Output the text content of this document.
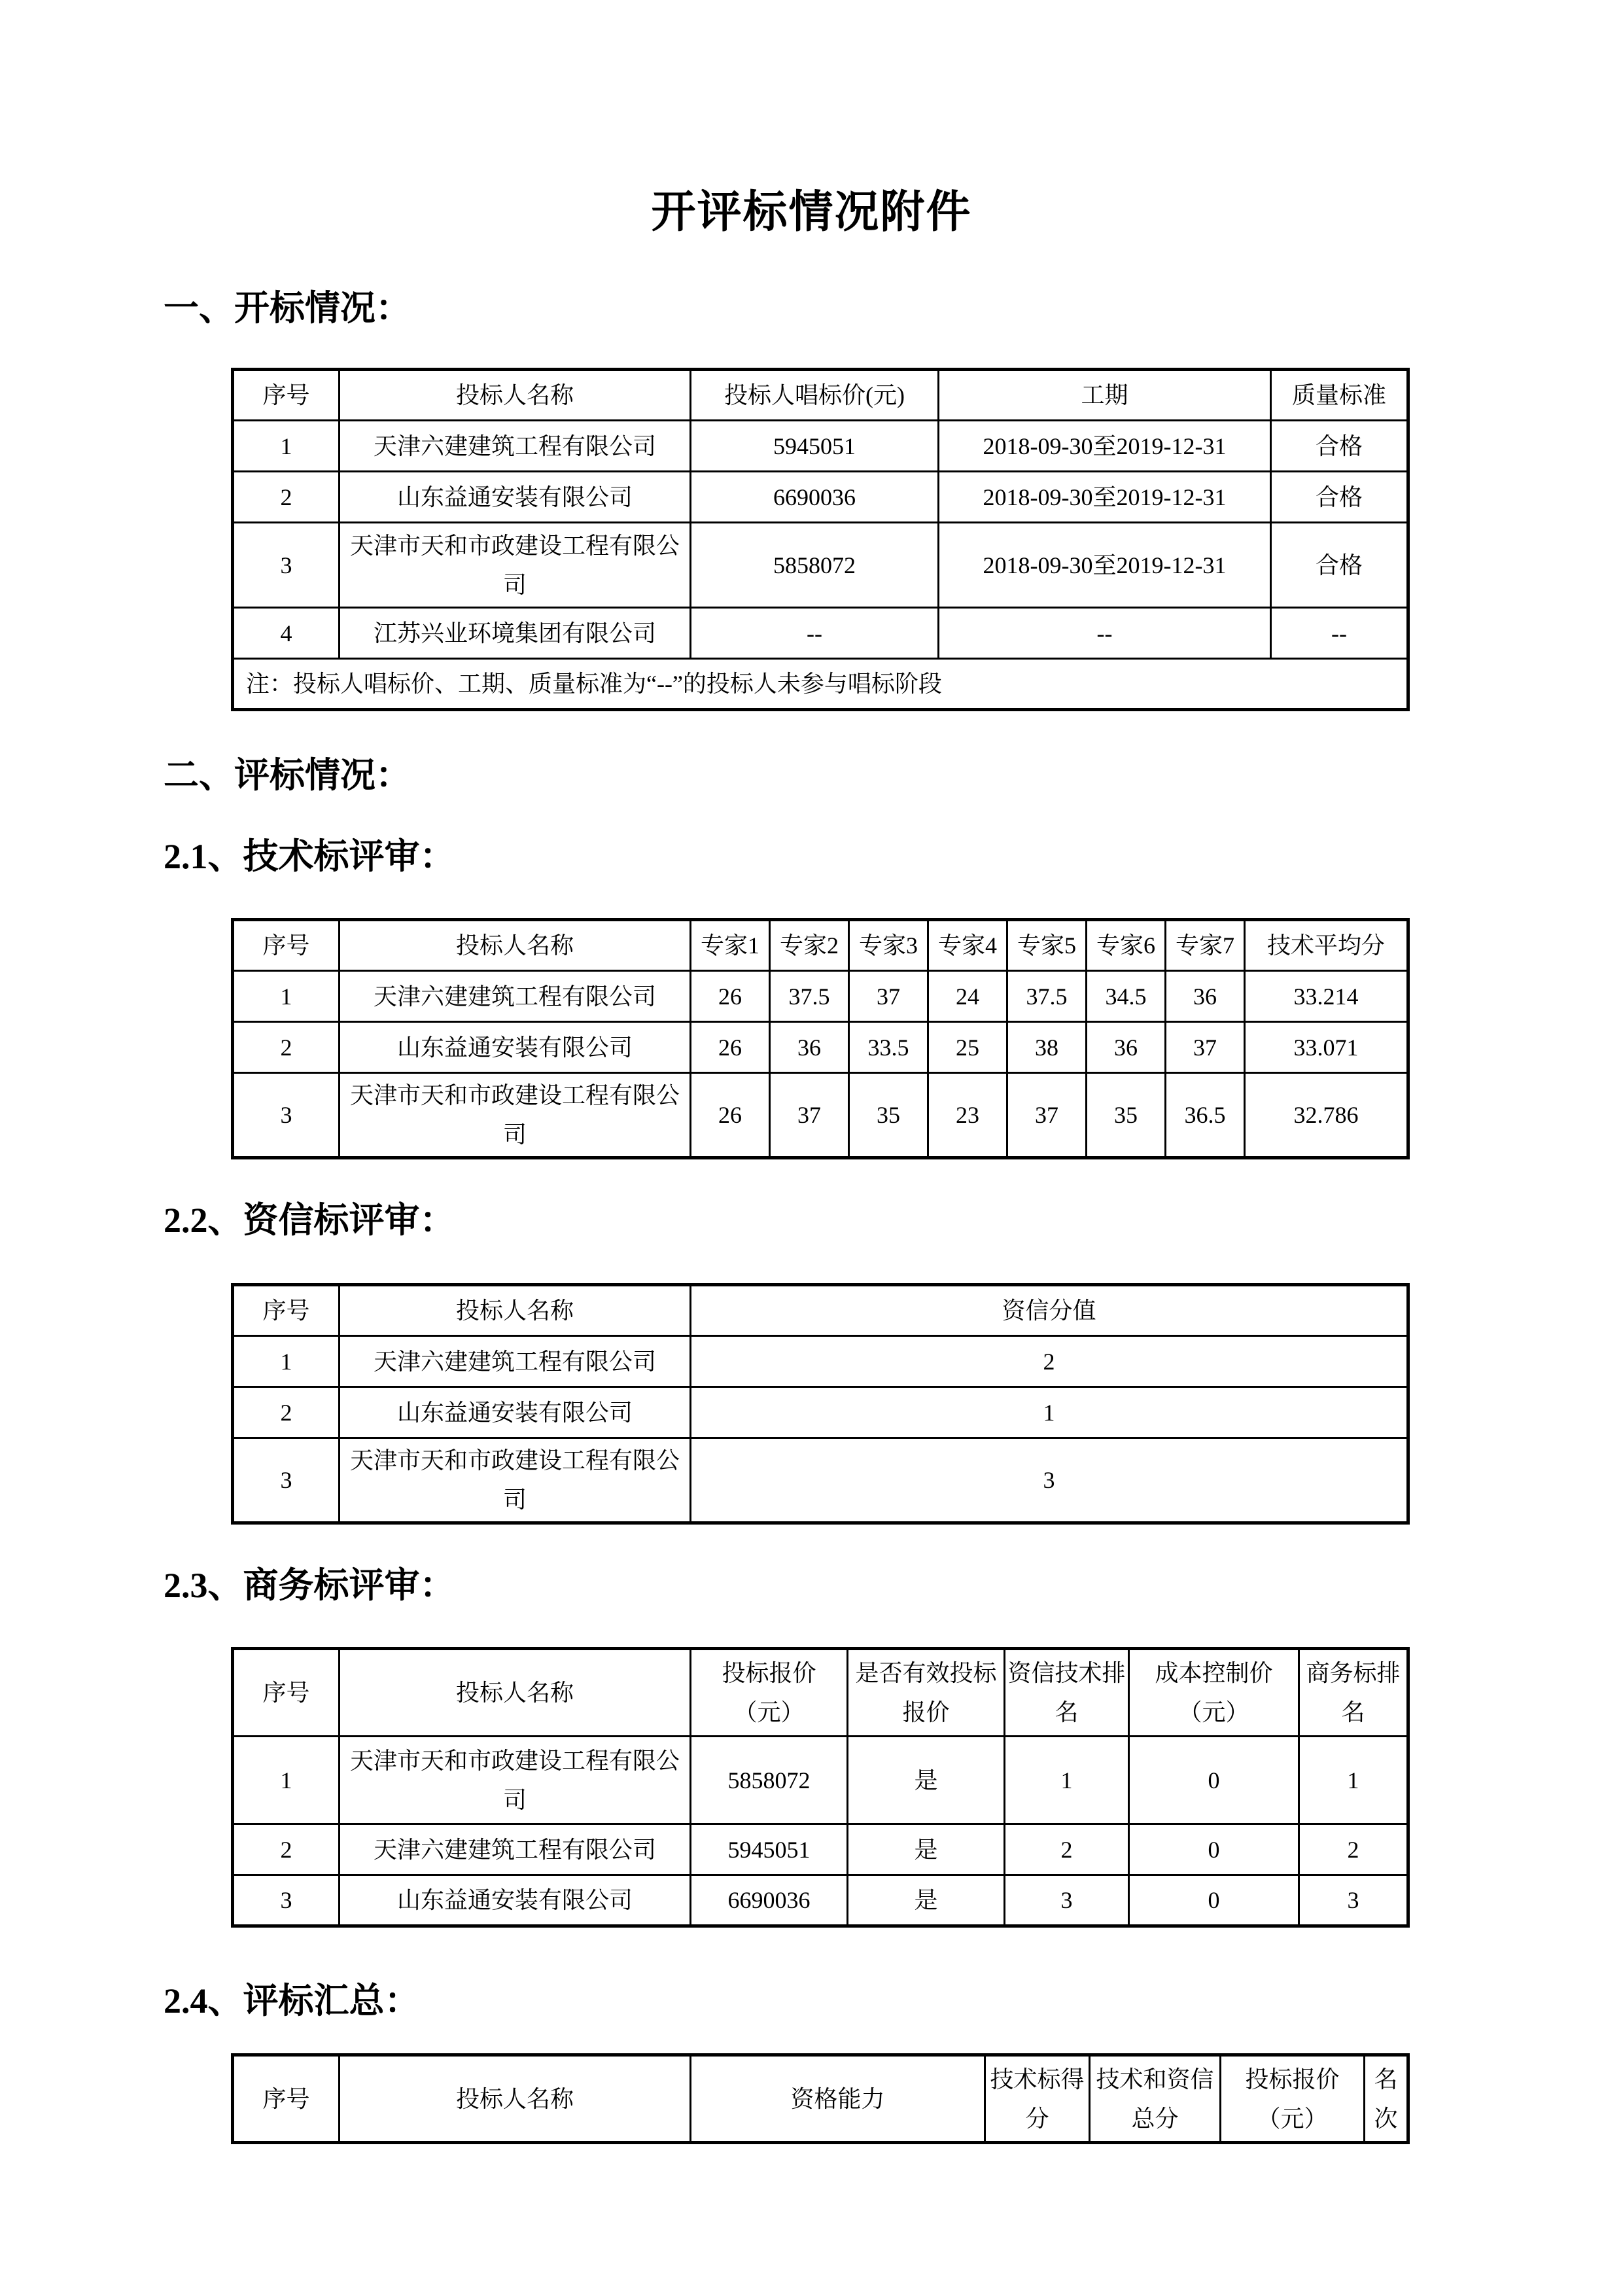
开评标情况附件
一、开标情况：
序号	投标人名称	投标人唱标价(元)	工期	质量标准
1	天津六建建筑工程有限公司	5945051	2018-09-30至2019-12-31	合格
2	山东益通安装有限公司	6690036	2018-09-30至2019-12-31	合格
3	天津市天和市政建设工程有限公司	5858072	2018-09-30至2019-12-31	合格
4	江苏兴业环境集团有限公司	--	--	--
注：投标人唱标价、工期、质量标准为“--”的投标人未参与唱标阶段				
二、评标情况：
2.1、技术标评审：
序号	投标人名称	专家1	专家2	专家3	专家4	专家5	专家6	专家7	技术平均分
1	天津六建建筑工程有限公司	26	37.5	37	24	37.5	34.5	36	33.214
2	山东益通安装有限公司	26	36	33.5	25	38	36	37	33.071
3	天津市天和市政建设工程有限公司	26	37	35	23	37	35	36.5	32.786
2.2、资信标评审：
序号	投标人名称	资信分值
1	天津六建建筑工程有限公司	2
2	山东益通安装有限公司	1
3	天津市天和市政建设工程有限公司	3
2.3、商务标评审：
序号	投标人名称	投标报价（元）	是否有效投标报价	资信技术排名	成本控制价（元）	商务标排名
1	天津市天和市政建设工程有限公司	5858072	是	1	0	1
2	天津六建建筑工程有限公司	5945051	是	2	0	2
3	山东益通安装有限公司	6690036	是	3	0	3
2.4、评标汇总：
序号	投标人名称	资格能力	技术标得分	技术和资信总分	投标报价（元）	名次
